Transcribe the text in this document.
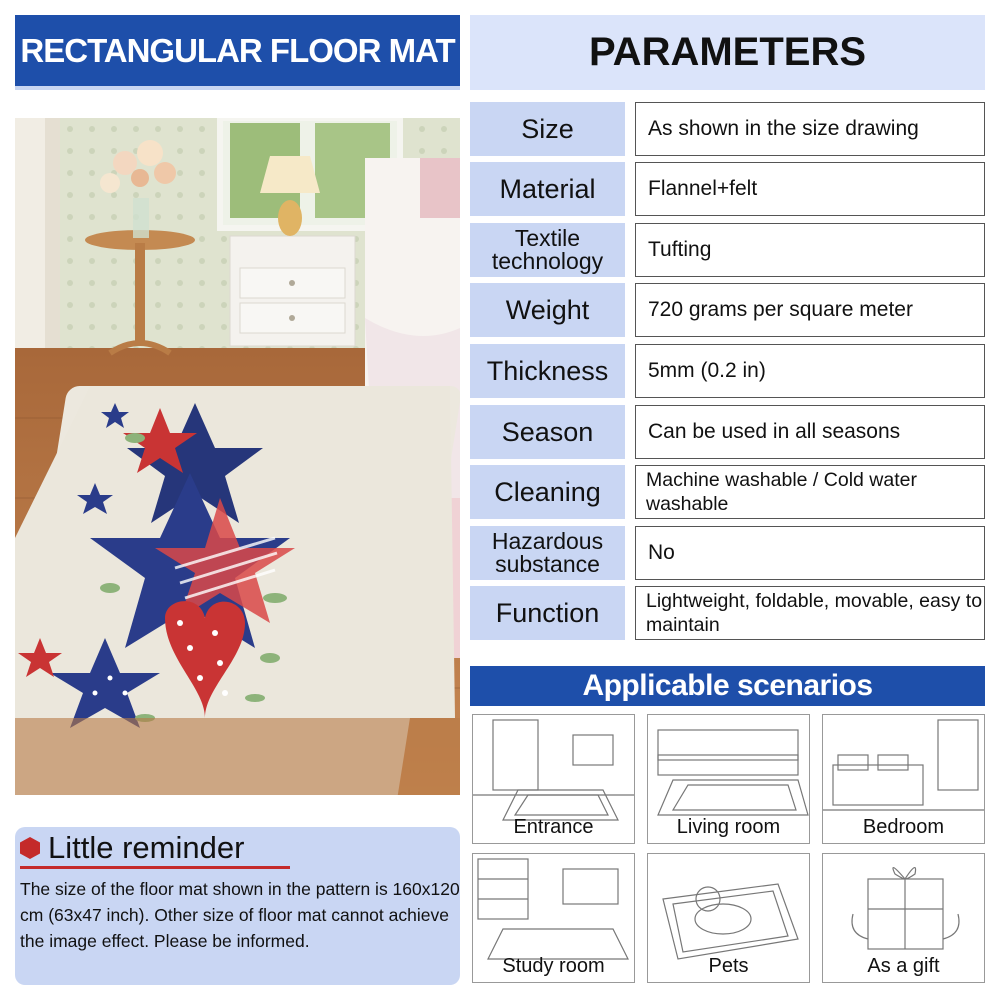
RECTANGULAR FLOOR MAT
Little reminder
The size of the floor mat shown in the pattern is 160x120 cm (63x47 inch). Other size of floor mat cannot achieve the image effect. Please be informed.
PARAMETERS
Size	As shown in the size drawing
Material	Flannel+felt
Textile technology	Tufting
Weight	720 grams per square meter
Thickness	5mm (0.2 in)
Season	Can be used in all seasons
Cleaning	Machine washable / Cold water washable
Hazardous substance	No
Function	Lightweight, foldable, movable, easy to maintain
Applicable scenarios
Entrance	Living room	Bedroom
Study room	Pets	As a gift
